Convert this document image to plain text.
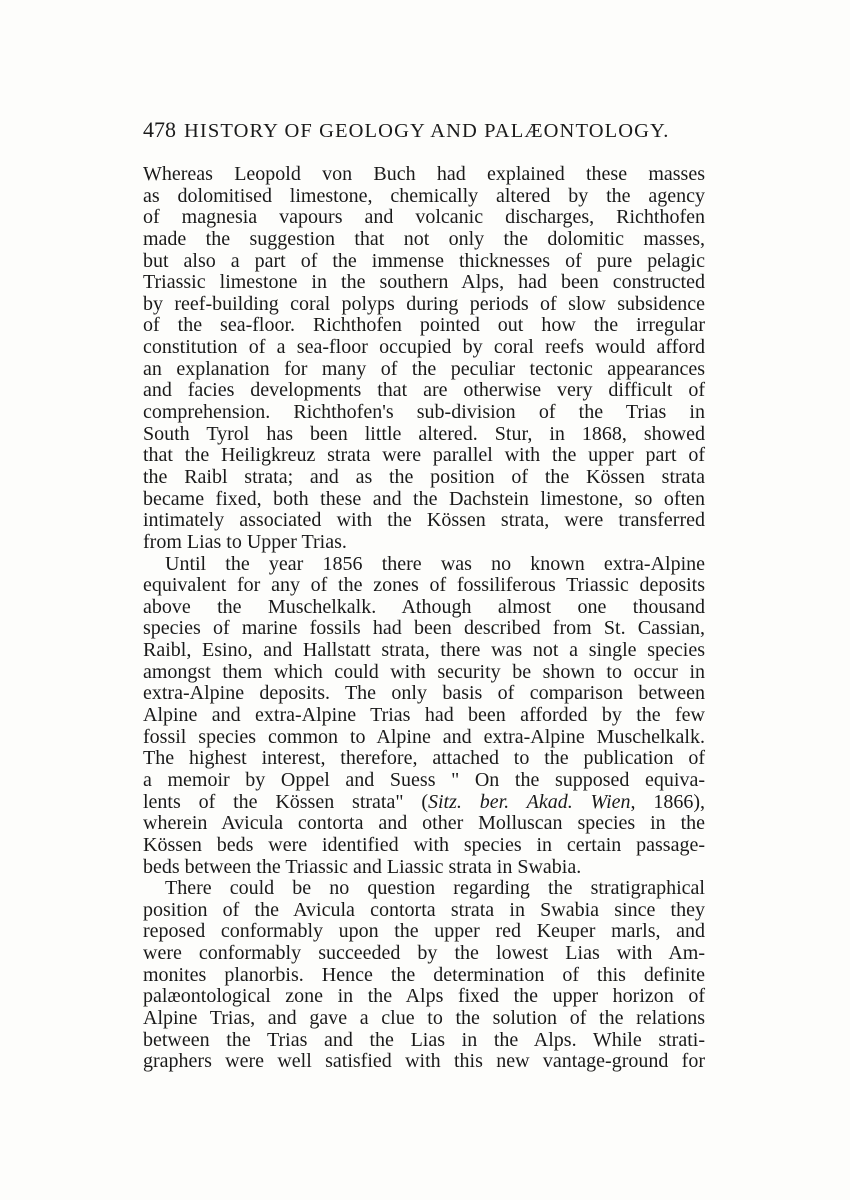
478 HISTORY OF GEOLOGY AND PALÆONTOLOGY.
Whereas Leopold von Buch had explained these masses
as dolomitised limestone, chemically altered by the agency
of magnesia vapours and volcanic discharges, Richthofen
made the suggestion that not only the dolomitic masses,
but also a part of the immense thicknesses of pure pelagic
Triassic limestone in the southern Alps, had been constructed
by reef-building coral polyps during periods of slow subsidence
of the sea-floor. Richthofen pointed out how the irregular
constitution of a sea-floor occupied by coral reefs would afford
an explanation for many of the peculiar tectonic appearances
and facies developments that are otherwise very difficult of
comprehension. Richthofen's sub-division of the Trias in
South Tyrol has been little altered. Stur, in 1868, showed
that the Heiligkreuz strata were parallel with the upper part of
the Raibl strata; and as the position of the Kössen strata
became fixed, both these and the Dachstein limestone, so often
intimately associated with the Kössen strata, were transferred
from Lias to Upper Trias.
Until the year 1856 there was no known extra-Alpine
equivalent for any of the zones of fossiliferous Triassic deposits
above the Muschelkalk. Athough almost one thousand
species of marine fossils had been described from St. Cassian,
Raibl, Esino, and Hallstatt strata, there was not a single species
amongst them which could with security be shown to occur in
extra-Alpine deposits. The only basis of comparison between
Alpine and extra-Alpine Trias had been afforded by the few
fossil species common to Alpine and extra-Alpine Muschelkalk.
The highest interest, therefore, attached to the publication of
a memoir by Oppel and Suess " On the supposed equiva-
lents of the Kössen strata" (Sitz. ber. Akad. Wien, 1866),
wherein Avicula contorta and other Molluscan species in the
Kössen beds were identified with species in certain passage-
beds between the Triassic and Liassic strata in Swabia.
There could be no question regarding the stratigraphical
position of the Avicula contorta strata in Swabia since they
reposed conformably upon the upper red Keuper marls, and
were conformably succeeded by the lowest Lias with Am-
monites planorbis. Hence the determination of this definite
palæontological zone in the Alps fixed the upper horizon of
Alpine Trias, and gave a clue to the solution of the relations
between the Trias and the Lias in the Alps. While strati-
graphers were well satisfied with this new vantage-ground for
